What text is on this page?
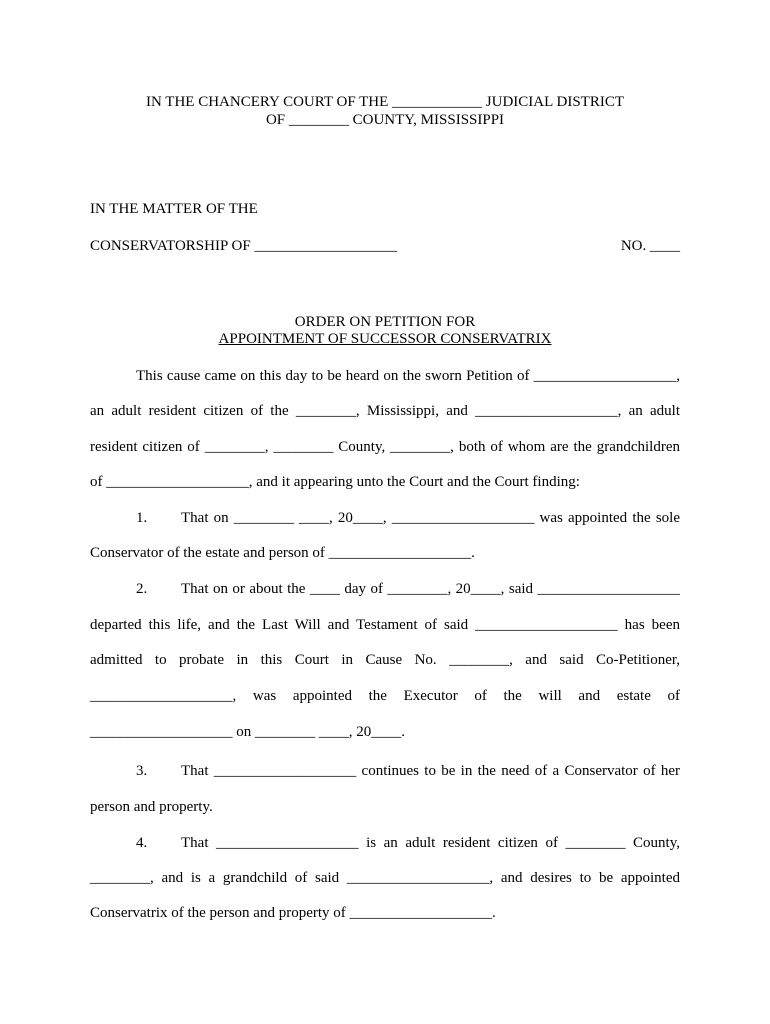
IN THE CHANCERY COURT OF THE ____________ JUDICIAL DISTRICT
OF ________ COUNTY, MISSISSIPPI
IN THE MATTER OF THE
CONSERVATORSHIP OF ___________________	NO. ____
ORDER ON PETITION FOR
APPOINTMENT OF SUCCESSOR CONSERVATRIX
This cause came on this day to be heard on the sworn Petition of ___________________,
an adult resident citizen of the ________, Mississippi, and ___________________, an adult
resident citizen of ________, ________ County, ________, both of whom are the grandchildren
of ___________________, and it appearing unto the Court and the Court finding:
1. That on ________ ____, 20____, ___________________ was appointed the sole
Conservator of the estate and person of ___________________.
2. That on or about the ____ day of ________, 20____, said ___________________
departed this life, and the Last Will and Testament of said ___________________ has been
admitted to probate in this Court in Cause No. ________, and said Co-Petitioner,
___________________, was appointed the Executor of the will and estate of
___________________ on ________ ____, 20____.
3. That ___________________ continues to be in the need of a Conservator of her
person and property.
4. That ___________________ is an adult resident citizen of ________ County,
________, and is a grandchild of said ___________________, and desires to be appointed
Conservatrix of the person and property of ___________________.
